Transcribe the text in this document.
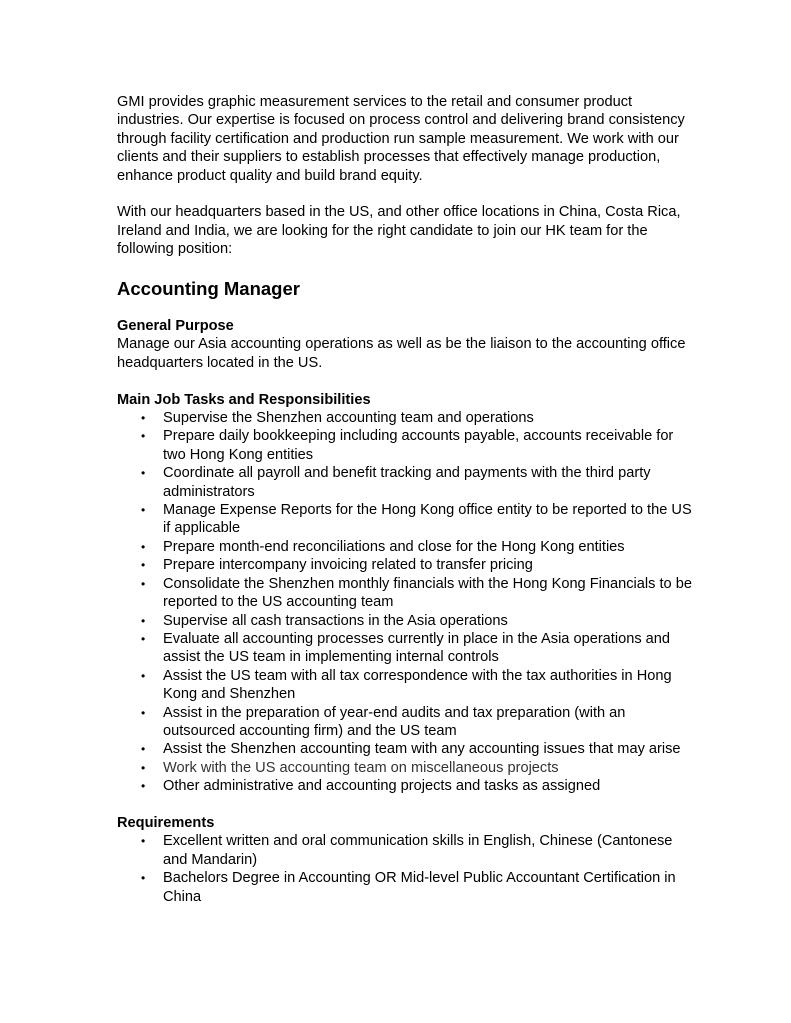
GMI provides graphic measurement services to the retail and consumer product industries. Our expertise is focused on process control and delivering brand consistency through facility certification and production run sample measurement. We work with our clients and their suppliers to establish processes that effectively manage production, enhance product quality and build brand equity.

With our headquarters based in the US, and other office locations in China, Costa Rica, Ireland and India, we are looking for the right candidate to join our HK team for the following position:

Accounting Manager

General Purpose

Manage our Asia accounting operations as well as be the liaison to the accounting office headquarters located in the US.

Main Job Tasks and Responsibilities

• Supervise the Shenzhen accounting team and operations
• Prepare daily bookkeeping including accounts payable, accounts receivable for two Hong Kong entities
• Coordinate all payroll and benefit tracking and payments with the third party administrators
• Manage Expense Reports for the Hong Kong office entity to be reported to the US if applicable
• Prepare month-end reconciliations and close for the Hong Kong entities
• Prepare intercompany invoicing related to transfer pricing
• Consolidate the Shenzhen monthly financials with the Hong Kong Financials to be reported to the US accounting team
• Supervise all cash transactions in the Asia operations
• Evaluate all accounting processes currently in place in the Asia operations and assist the US team in implementing internal controls
• Assist the US team with all tax correspondence with the tax authorities in Hong Kong and Shenzhen
• Assist in the preparation of year-end audits and tax preparation (with an outsourced accounting firm) and the US team
• Assist the Shenzhen accounting team with any accounting issues that may arise
• Work with the US accounting team on miscellaneous projects
• Other administrative and accounting projects and tasks as assigned

Requirements

• Excellent written and oral communication skills in English, Chinese (Cantonese and Mandarin)
• Bachelors Degree in Accounting OR Mid-level Public Accountant Certification in China
